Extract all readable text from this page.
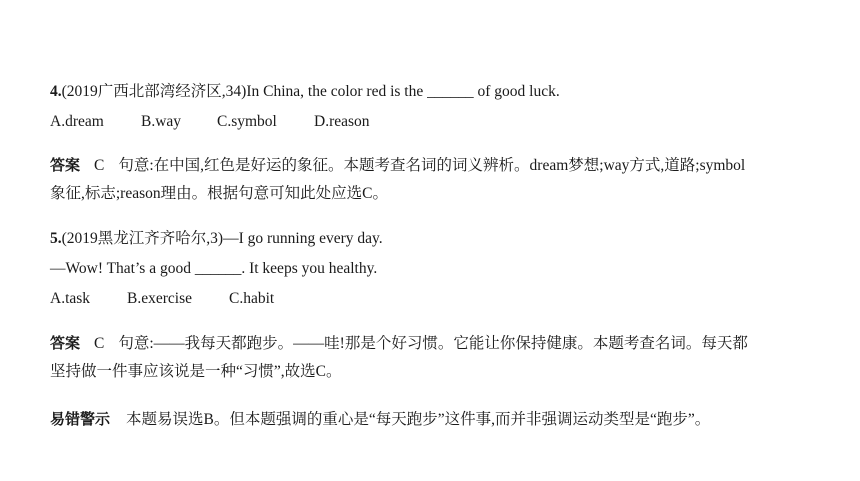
4.(2019广西北部湾经济区,34)In China, the color red is the ______ of good luck.
A.dream B.way C.symbol D.reason
答案 C 句意:在中国,红色是好运的象征。本题考查名词的词义辨析。dream梦想;way方式,道路;symbol
象征,标志;reason理由。根据句意可知此处应选C。
5.(2019黑龙江齐齐哈尔,3)—I go running every day.
—Wow! That’s a good ______. It keeps you healthy.
A.task B.exercise C.habit
答案 C 句意:——我每天都跑步。——哇!那是个好习惯。它能让你保持健康。本题考查名词。每天都
坚持做一件事应该说是一种“习惯”,故选C。
易错警示 本题易误选B。但本题强调的重心是“每天跑步”这件事,而并非强调运动类型是“跑步”。
